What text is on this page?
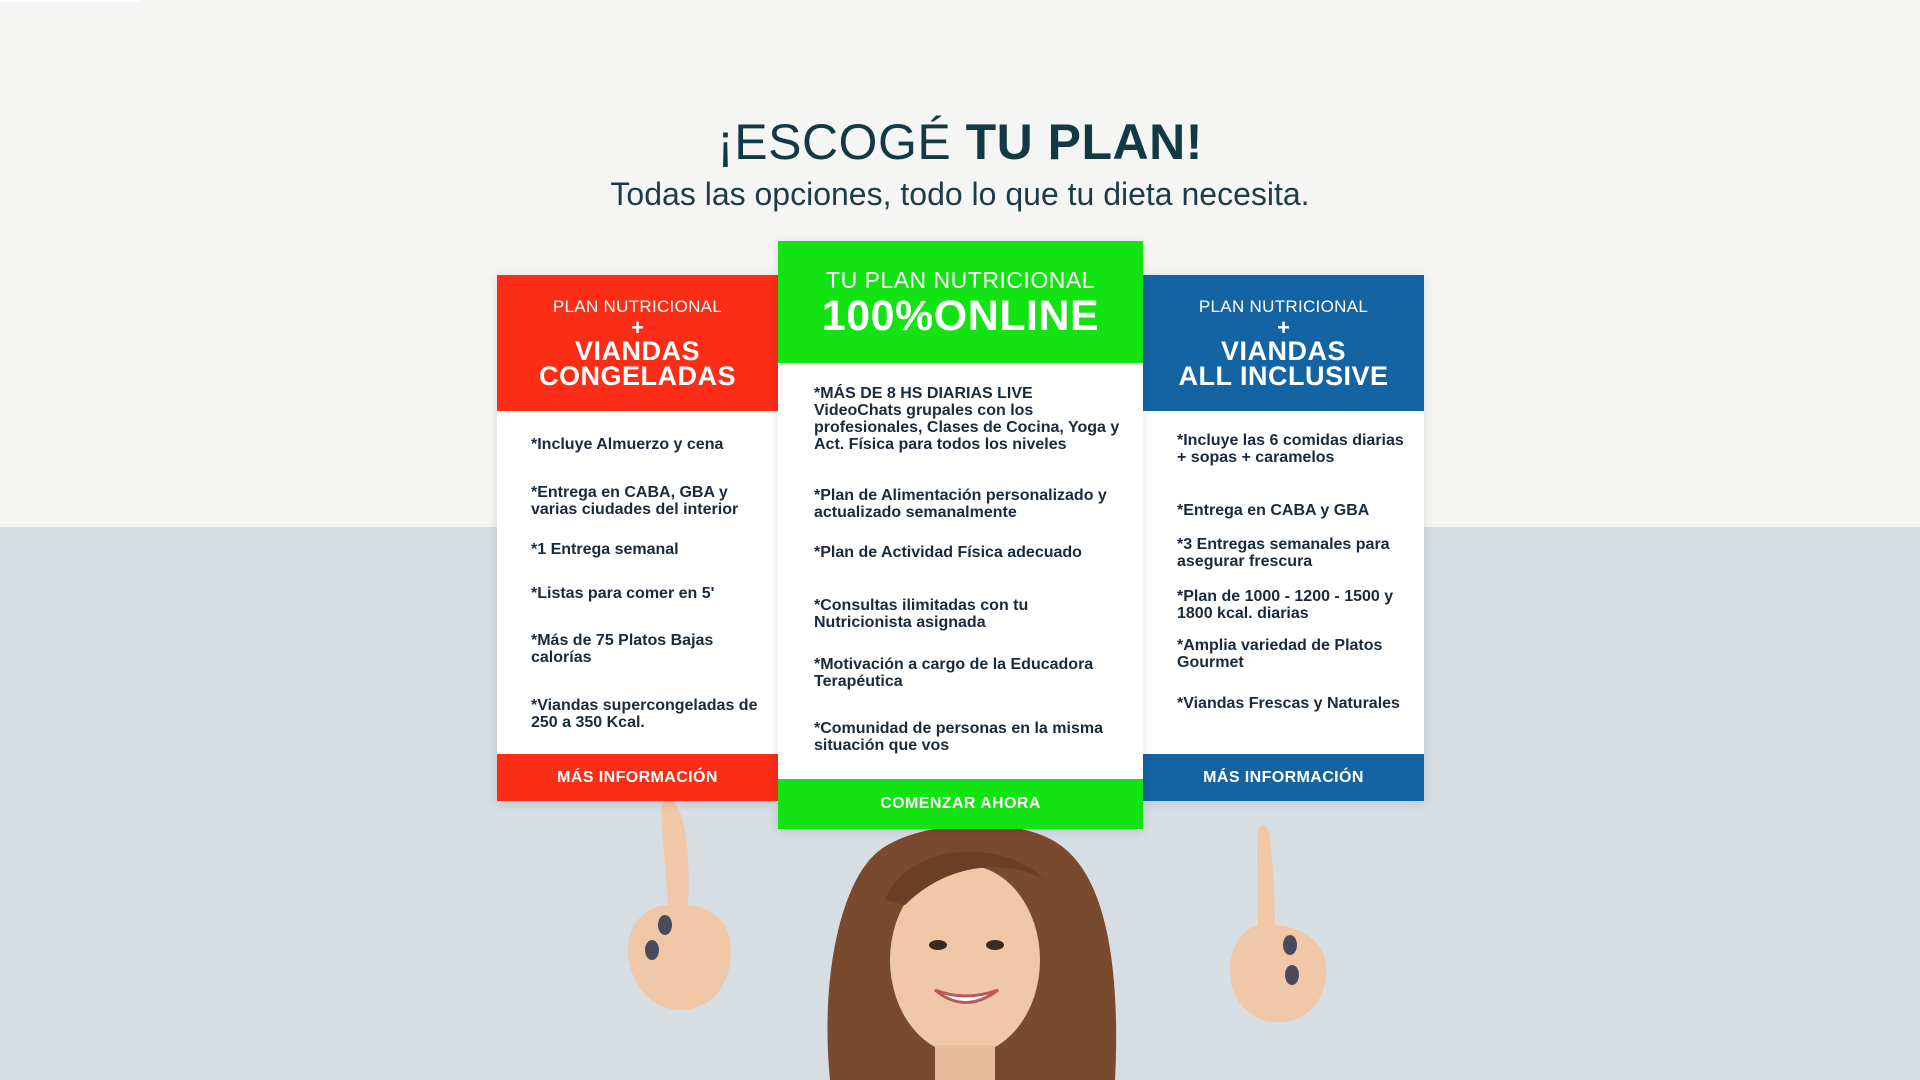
¡ESCOGÉ TU PLAN!
Todas las opciones, todo lo que tu dieta necesita.
PLAN NUTRICIONAL
+
VIANDAS
CONGELADAS
*Incluye Almuerzo y cena
*Entrega en CABA, GBA y varias ciudades del interior
*1 Entrega semanal
*Listas para comer en 5'
*Más de 75 Platos Bajas calorías
*Viandas supercongeladas de 250 a 350 Kcal.
MÁS INFORMACIÓN
TU PLAN NUTRICIONAL
100%ONLINE
*MÁS DE 8 HS DIARIAS LIVE VideoChats grupales con los profesionales, Clases de Cocina, Yoga y Act. Física para todos los niveles
*Plan de Alimentación personalizado y actualizado semanalmente
*Plan de Actividad Física adecuado
*Consultas ilimitadas con tu Nutricionista asignada
*Motivación a cargo de la Educadora Terapéutica
*Comunidad de personas en la misma situación que vos
COMENZAR AHORA
PLAN NUTRICIONAL
+
VIANDAS
ALL INCLUSIVE
*Incluye las 6 comidas diarias + sopas + caramelos
*Entrega en CABA y GBA
*3 Entregas semanales para asegurar frescura
*Plan de 1000 - 1200 - 1500 y 1800 kcal. diarias
*Amplia variedad de Platos Gourmet
*Viandas Frescas y Naturales
MÁS INFORMACIÓN
